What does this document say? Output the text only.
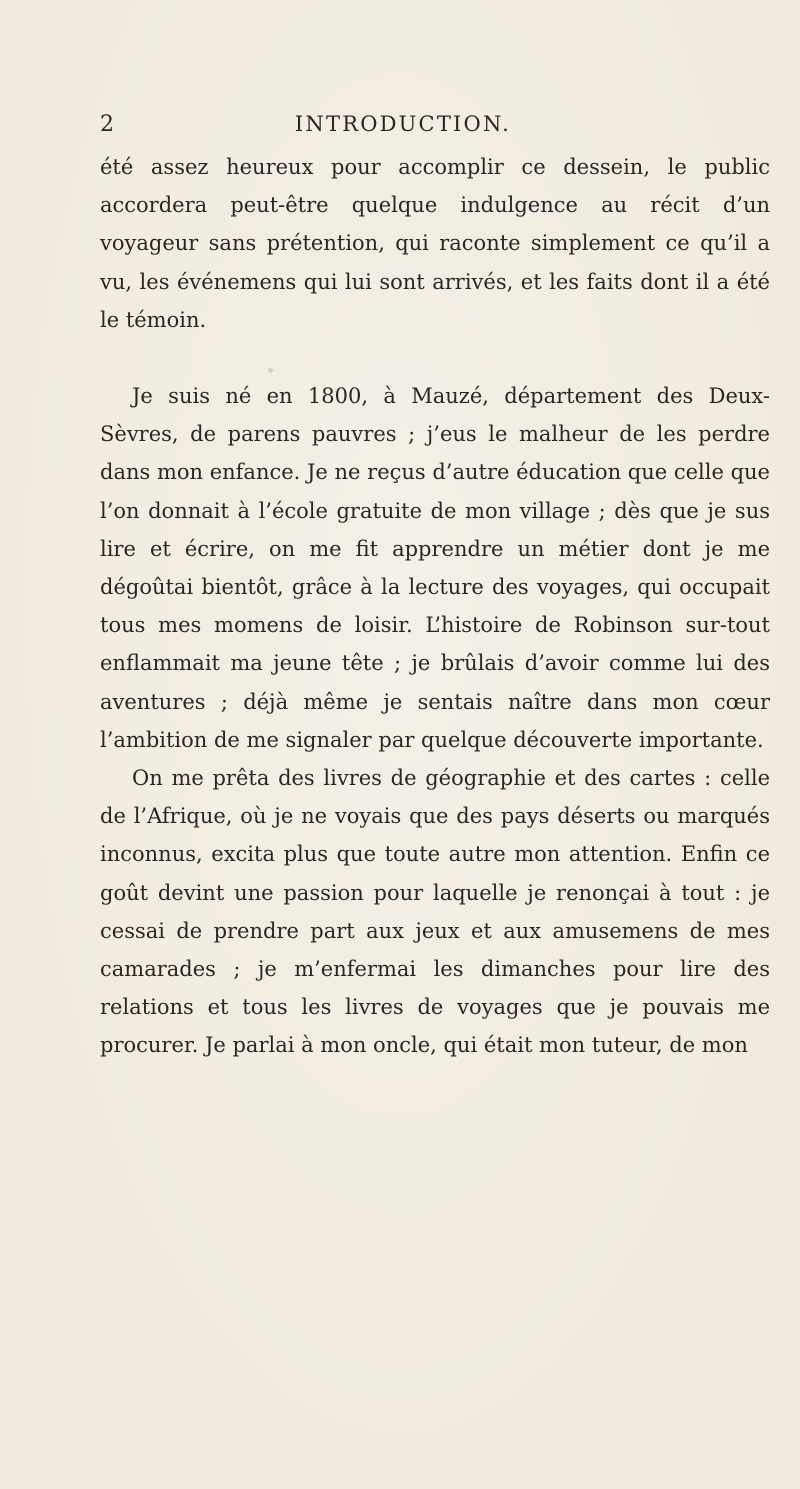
2	INTRODUCTION.

été assez heureux pour accomplir ce dessein, le public accordera peut-être quelque indulgence au récit d’un voyageur sans prétention, qui raconte simplement ce qu’il a vu, les événemens qui lui sont arrivés, et les faits dont il a été le témoin.

Je suis né en 1800, à Mauzé, département des Deux-Sèvres, de parens pauvres ; j’eus le malheur de les perdre dans mon enfance. Je ne reçus d’autre éducation que celle que l’on donnait à l’école gratuite de mon village ; dès que je sus lire et écrire, on me fit apprendre un métier dont je me dégoûtai bientôt, grâce à la lecture des voyages, qui occupait tous mes momens de loisir. L’histoire de Robinson sur-tout enflammait ma jeune tête ; je brûlais d’avoir comme lui des aventures ; déjà même je sentais naître dans mon cœur l’ambition de me signaler par quelque découverte importante.

On me prêta des livres de géographie et des cartes : celle de l’Afrique, où je ne voyais que des pays déserts ou marqués inconnus, excita plus que toute autre mon attention. Enfin ce goût devint une passion pour laquelle je renonçai à tout : je cessai de prendre part aux jeux et aux amusemens de mes camarades ; je m’enfermai les dimanches pour lire des relations et tous les livres de voyages que je pouvais me procurer. Je parlai à mon oncle, qui était mon tuteur, de mon
